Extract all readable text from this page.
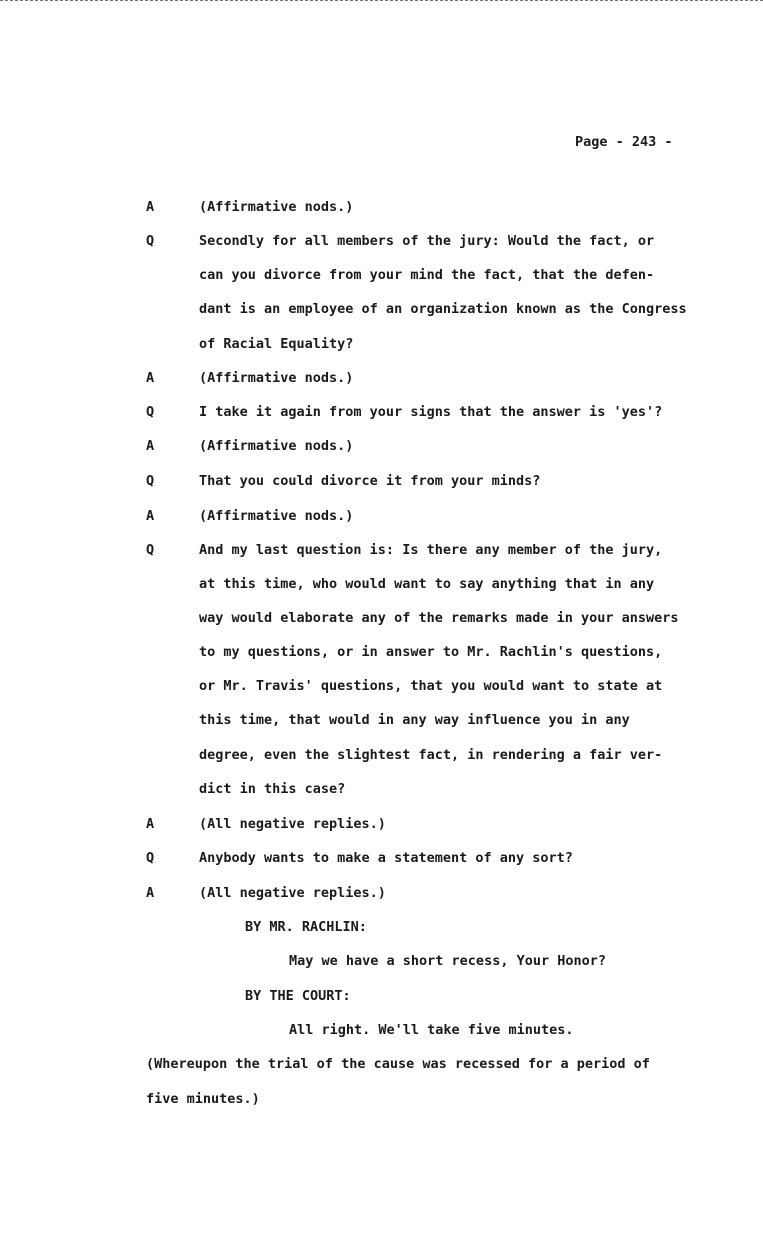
Page - 243 -
A
Q
A
Q
A
Q
A
Q
A
Q
A
(Affirmative nods.)
Secondly for all members of the jury: Would the fact, or
can you divorce from your mind the fact, that the defen-
dant is an employee of an organization known as the Congress
of Racial Equality?
(Affirmative nods.)
I take it again from your signs that the answer is 'yes'?
(Affirmative nods.)
That you could divorce it from your minds?
(Affirmative nods.)
And my last question is: Is there any member of the jury,
at this time, who would want to say anything that in any
way would elaborate any of the remarks made in your answers
to my questions, or in answer to Mr. Rachlin's questions,
or Mr. Travis' questions, that you would want to state at
this time, that would in any way influence you in any
degree, even the slightest fact, in rendering a fair ver-
dict in this case?
(All negative replies.)
Anybody wants to make a statement of any sort?
(All negative replies.)
BY MR. RACHLIN:
May we have a short recess, Your Honor?
BY THE COURT:
All right. We'll take five minutes.
(Whereupon the trial of the cause was recessed for a period of
five minutes.)
